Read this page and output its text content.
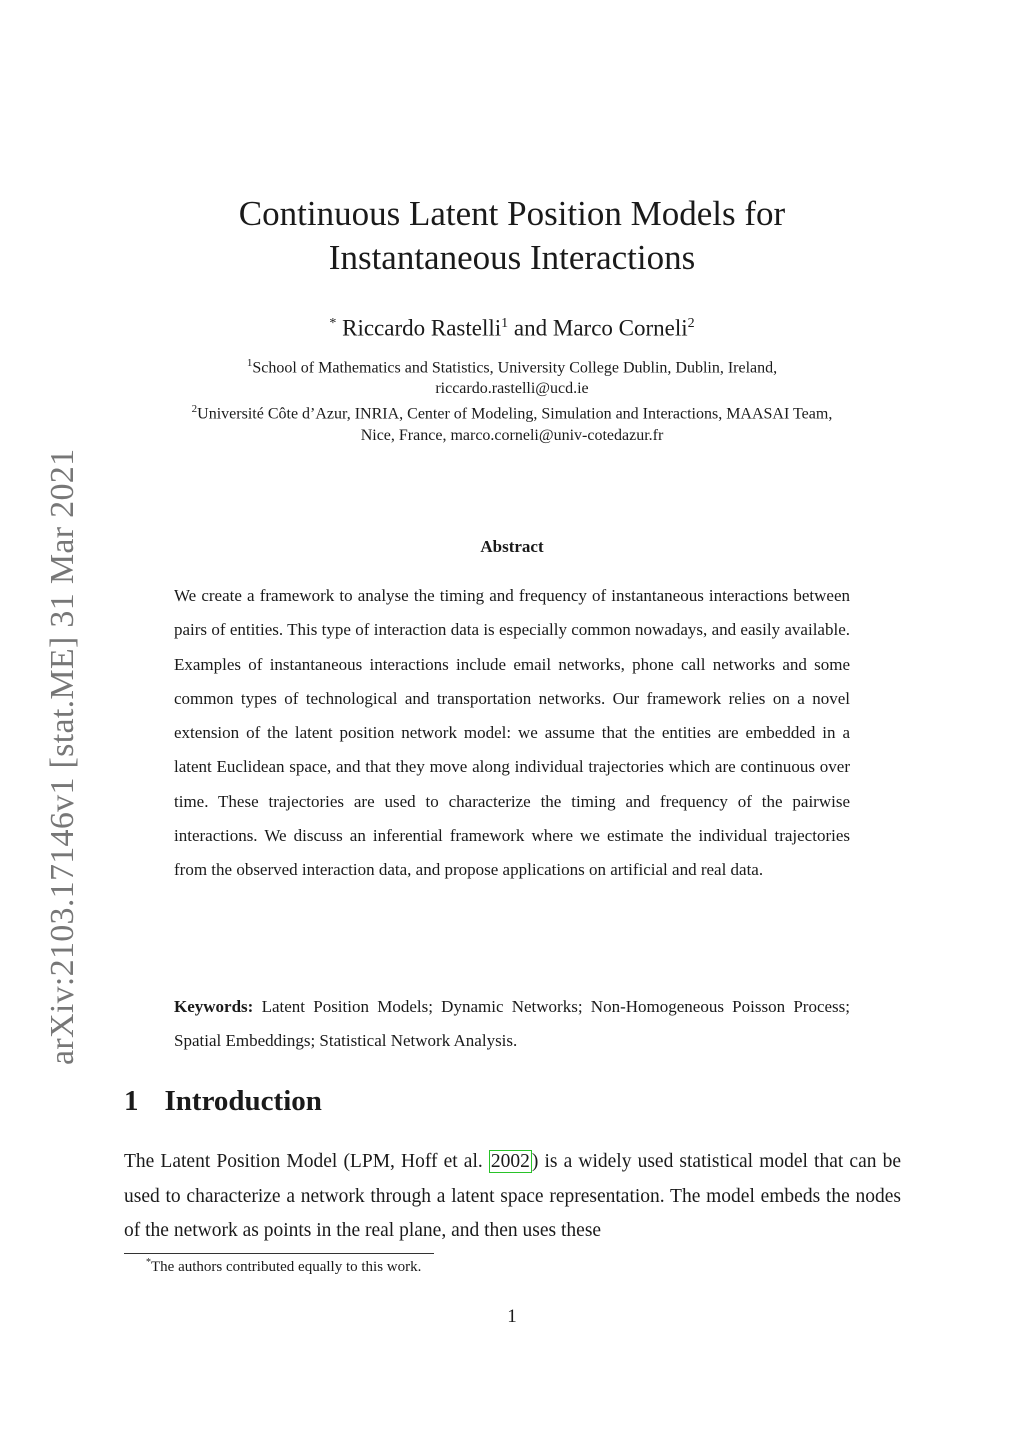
arXiv:2103.17146v1 [stat.ME] 31 Mar 2021
Continuous Latent Position Models for
Instantaneous Interactions
* Riccardo Rastelli$^1$ and Marco Corneli$^2$
$^1$School of Mathematics and Statistics, University College Dublin, Dublin, Ireland,
riccardo.rastelli@ucd.ie
$^2$Université Côte d’Azur, INRIA, Center of Modeling, Simulation and Interactions, MAASAI Team,
Nice, France, marco.corneli@univ-cotedazur.fr
Abstract
We create a framework to analyse the timing and frequency of instantaneous interactions between pairs of entities. This type of interaction data is especially common nowadays, and easily available. Examples of instantaneous interactions include email networks, phone call networks and some common types of technological and transportation networks. Our framework relies on a novel extension of the latent position network model: we assume that the entities are embedded in a latent Euclidean space, and that they move along individual trajectories which are continuous over time. These trajectories are used to characterize the timing and frequency of the pairwise interactions. We discuss an inferential framework where we estimate the individual trajectories from the observed interaction data, and propose applications on artificial and real data.
Keywords: Latent Position Models; Dynamic Networks; Non-Homogeneous Poisson Process; Spatial Embeddings; Statistical Network Analysis.
1 Introduction
The Latent Position Model (LPM, Hoff et al. 2002 ) is a widely used statistical model that can be used to characterize a network through a latent space representation. The model embeds the nodes of the network as points in the real plane, and then uses these
*The authors contributed equally to this work.
1
